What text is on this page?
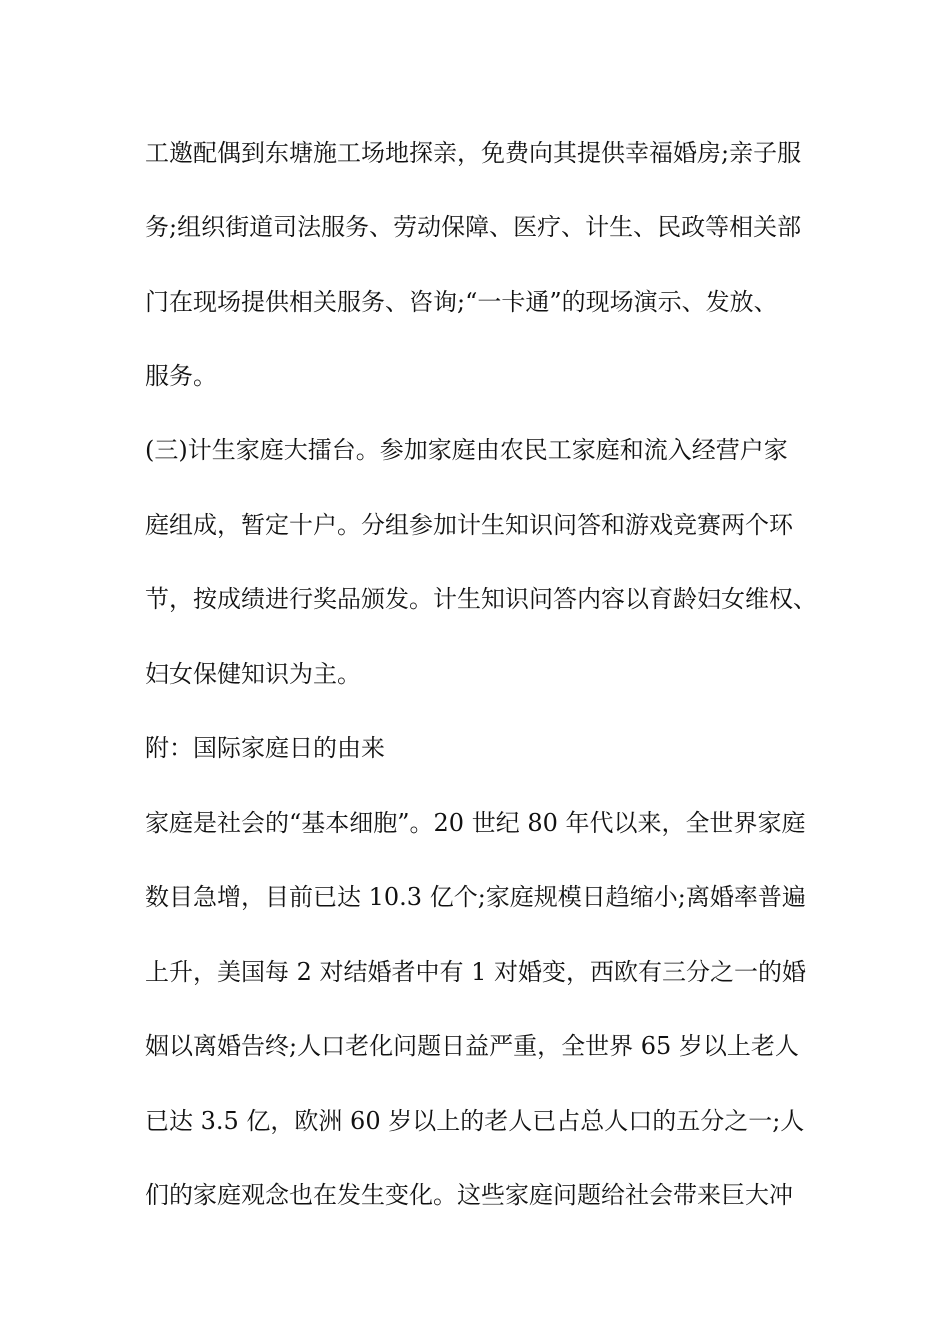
工邀配偶到东塘施工场地探亲，免费向其提供幸福婚房;亲子服
务;组织街道司法服务、劳动保障、医疗、计生、民政等相关部
门在现场提供相关服务、咨询;“一卡通”的现场演示、发放、
服务。
(三)计生家庭大擂台。参加家庭由农民工家庭和流入经营户家
庭组成，暂定十户。分组参加计生知识问答和游戏竞赛两个环
节，按成绩进行奖品颁发。计生知识问答内容以育龄妇女维权、
妇女保健知识为主。
附：国际家庭日的由来
家庭是社会的“基本细胞”。20 世纪 80 年代以来，全世界家庭
数目急增，目前已达 10.3 亿个;家庭规模日趋缩小;离婚率普遍
上升，美国每 2 对结婚者中有 1 对婚变，西欧有三分之一的婚
姻以离婚告终;人口老化问题日益严重，全世界 65 岁以上老人
已达 3.5 亿，欧洲 60 岁以上的老人已占总人口的五分之一;人
们的家庭观念也在发生变化。这些家庭问题给社会带来巨大冲
